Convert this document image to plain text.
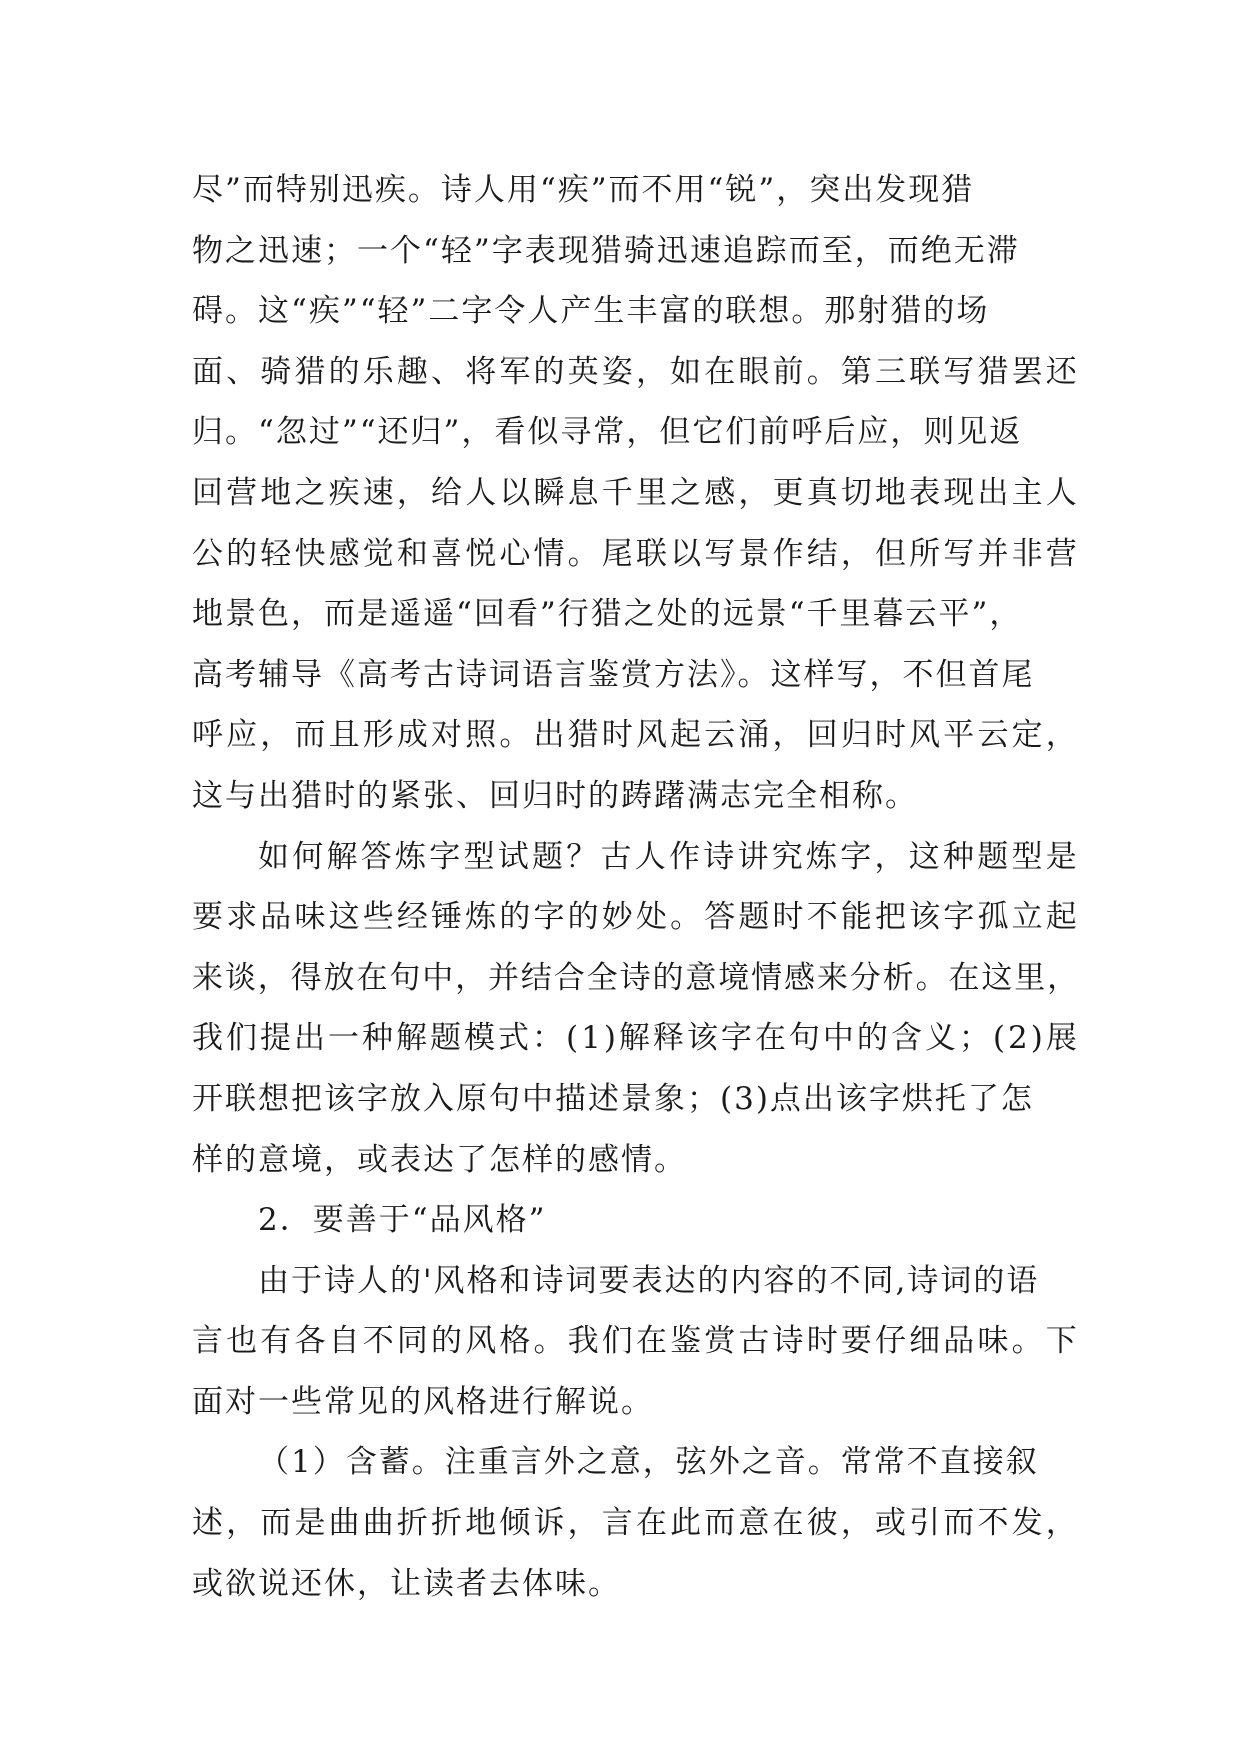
尽”而特别迅疾。诗人用“疾”而不用“锐”，突出发现猎
物之迅速；一个“轻”字表现猎骑迅速追踪而至，而绝无滞
碍。这“疾”“轻”二字令人产生丰富的联想。那射猎的场
面、骑猎的乐趣、将军的英姿，如在眼前。第三联写猎罢还
归。“忽过”“还归”，看似寻常，但它们前呼后应，则见返
回营地之疾速，给人以瞬息千里之感，更真切地表现出主人
公的轻快感觉和喜悦心情。尾联以写景作结，但所写并非营
地景色，而是遥遥“回看”行猎之处的远景“千里暮云平”，
高考辅导《高考古诗词语言鉴赏方法》。这样写，不但首尾
呼应，而且形成对照。出猎时风起云涌，回归时风平云定，
这与出猎时的紧张、回归时的踌躇满志完全相称。

如何解答炼字型试题？古人作诗讲究炼字，这种题型是
要求品味这些经锤炼的字的妙处。答题时不能把该字孤立起
来谈，得放在句中，并结合全诗的意境情感来分析。在这里，
我们提出一种解题模式：(1)解释该字在句中的含义；(2)展
开联想把该字放入原句中描述景象；(3)点出该字烘托了怎
样的意境，或表达了怎样的感情。

2．要善于“品风格”

由于诗人的'风格和诗词要表达的内容的不同,诗词的语
言也有各自不同的风格。我们在鉴赏古诗时要仔细品味。下
面对一些常见的风格进行解说。

（1）含蓄。注重言外之意，弦外之音。常常不直接叙
述，而是曲曲折折地倾诉，言在此而意在彼，或引而不发，
或欲说还休，让读者去体味。
